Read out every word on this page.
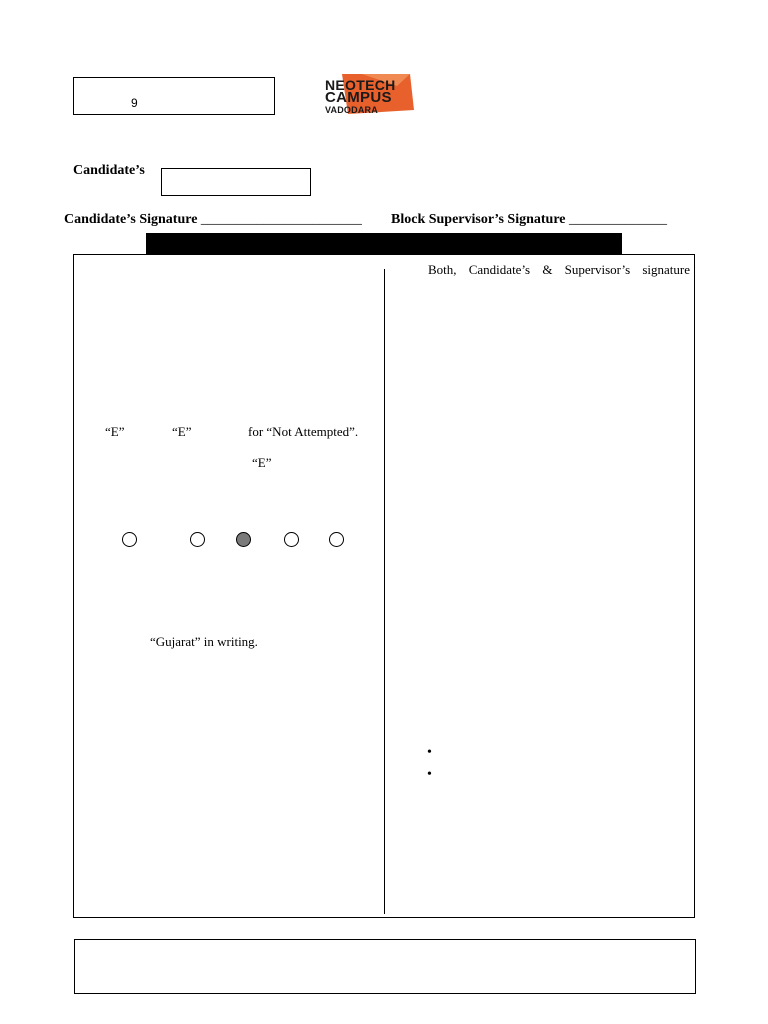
9
NEOTECH
CAMPUS
VADODARA
Candidate’s
Candidate’s Signature _______________________ Block Supervisor’s Signature ______________
“E”	“E”	for “Not Attempted”.
“E”
“Gujarat” in writing.
Both, Candidate’s & Supervisor’s signature
•
•
